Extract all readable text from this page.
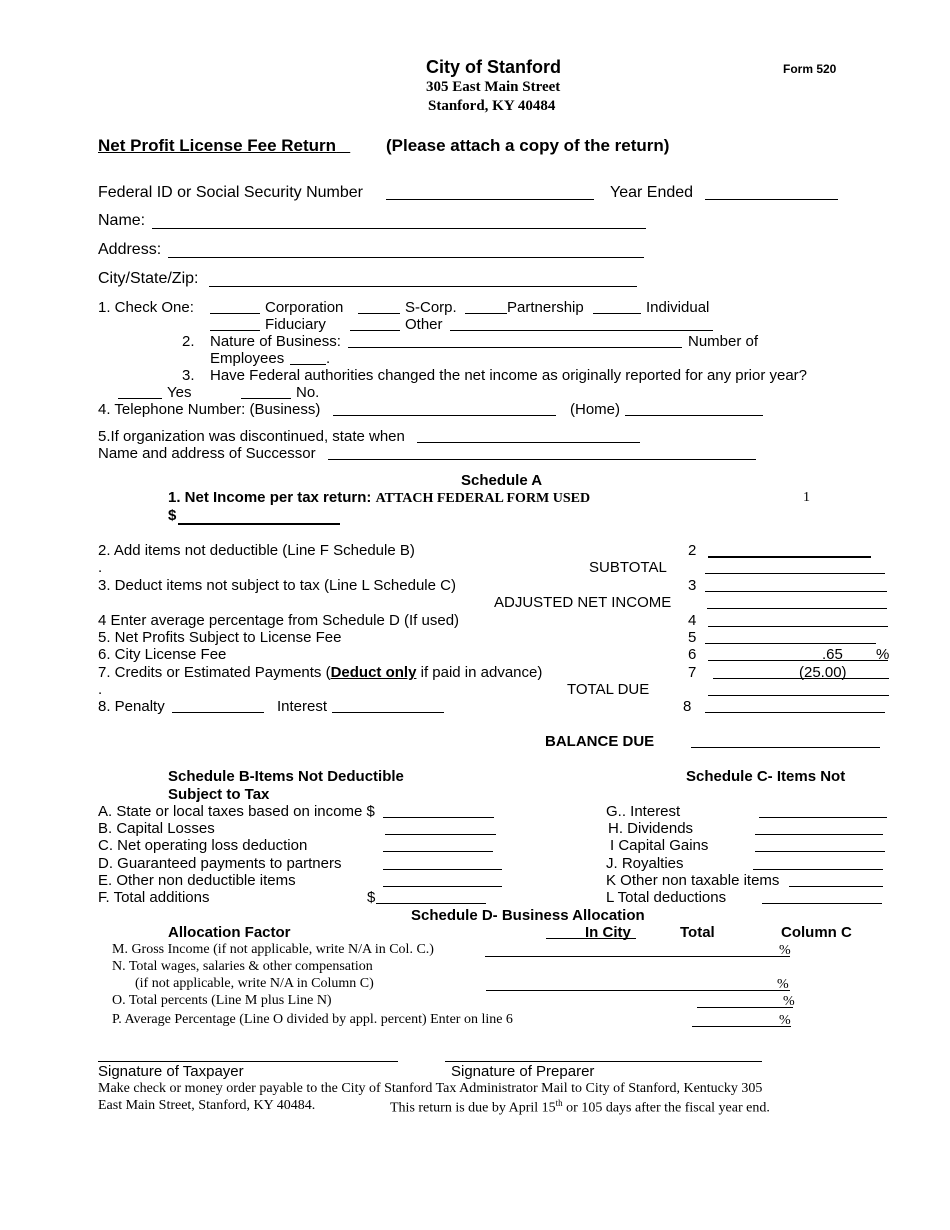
City of Stanford
305 East Main Street
Stanford, KY 40484
Form 520
Net Profit License Fee Return	(Please attach a copy of the return)
Federal ID or Social Security Number	Year Ended
Name:
Address:
City/State/Zip:
1. Check One:	Corporation	S-Corp.	Partnership	Individual
Fiduciary	Other
2. Nature of Business:	Number of
Employees	.
3. Have Federal authorities changed the net income as originally reported for any prior year?
Yes	No.
4. Telephone Number: (Business)	(Home)
5.If organization was discontinued, state when
Name and address of Successor
Schedule A
1. Net Income per tax return: ATTACH FEDERAL FORM USED	1
$
2. Add items not deductible (Line F Schedule B)	2
.	SUBTOTAL
3. Deduct items not subject to tax (Line L Schedule C)	3
ADJUSTED NET INCOME
4 Enter average percentage from Schedule D (If used)	4
5. Net Profits Subject to License Fee	5
6. City License Fee	6	.65 %
7. Credits or Estimated Payments (Deduct only if paid in advance)	7	(25.00)
.	TOTAL DUE
8. Penalty	Interest	8
BALANCE DUE
Schedule B-Items Not Deductible	Schedule C- Items Not
Subject to Tax
A. State or local taxes based on income $
B. Capital Losses
C. Net operating loss deduction
D. Guaranteed payments to partners
E. Other non deductible items
F. Total additions	$
G.. Interest
H. Dividends
I Capital Gains
J. Royalties
K Other non taxable items
L Total deductions
Schedule D- Business Allocation
Allocation Factor	In City	Total	Column C
M. Gross Income (if not applicable, write N/A in Col. C.)	%
N. Total wages, salaries & other compensation
(if not applicable, write N/A in Column C)	%
O. Total percents (Line M plus Line N)	%
P. Average Percentage (Line O divided by appl. percent) Enter on line 6	%
Signature of Taxpayer	Signature of Preparer
Make check or money order payable to the City of Stanford Tax Administrator Mail to City of Stanford, Kentucky 305
East Main Street, Stanford, KY 40484.	This return is due by April 15th or 105 days after the fiscal year end.
